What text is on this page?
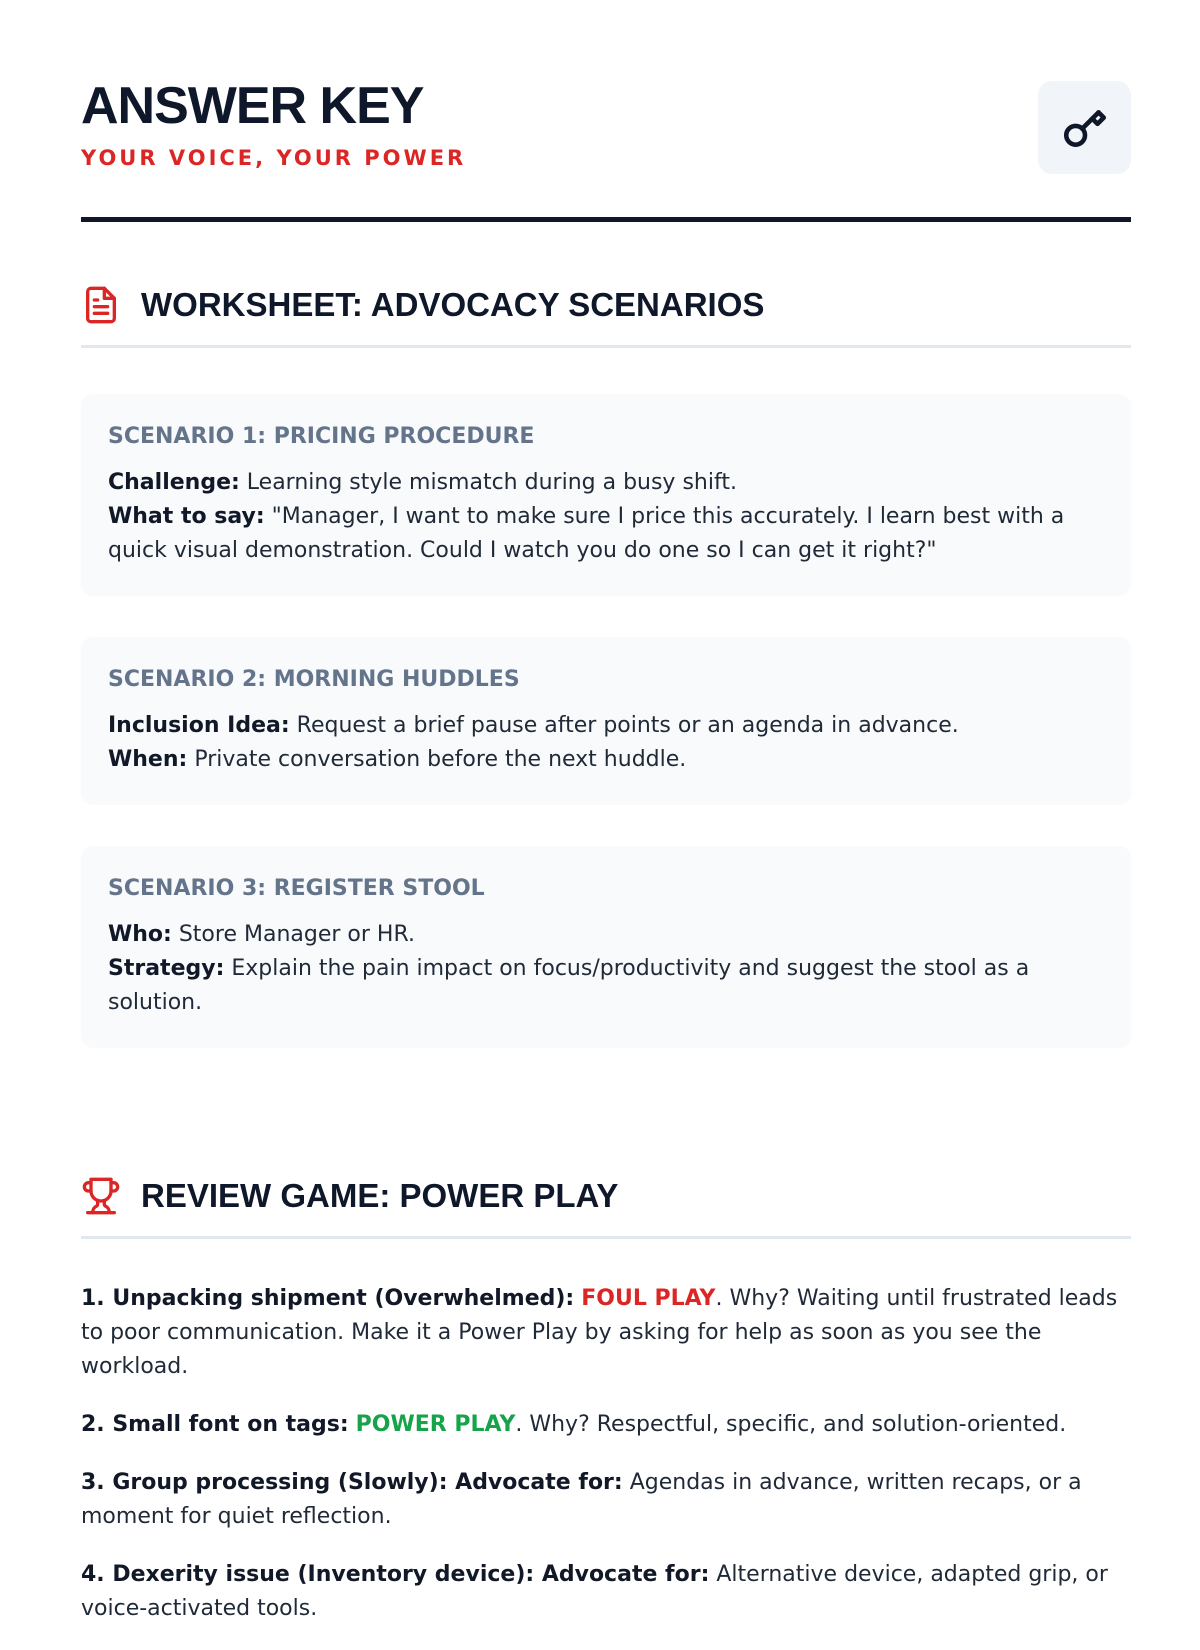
ANSWER KEY
YOUR VOICE, YOUR POWER
WORKSHEET: ADVOCACY SCENARIOS
SCENARIO 1: PRICING PROCEDURE

Challenge: Learning style mismatch during a busy shift.

What to say: "Manager, I want to make sure I price this accurately. I learn best with a quick visual demonstration. Could I watch you do one so I can get it right?"

SCENARIO 2: MORNING HUDDLES

Inclusion Idea: Request a brief pause after points or an agenda in advance.

When: Private conversation before the next huddle.

SCENARIO 3: REGISTER STOOL

Who: Store Manager or HR.

Strategy: Explain the pain impact on focus/productivity and suggest the stool as a solution.

REVIEW GAME: POWER PLAY

1. Unpacking shipment (Overwhelmed): FOUL PLAY. Why? Waiting until frustrated leads to poor communication. Make it a Power Play by asking for help as soon as you see the workload.

2. Small font on tags: POWER PLAY. Why? Respectful, specific, and solution-oriented.

3. Group processing (Slowly): Advocate for: Agendas in advance, written recaps, or a moment for quiet reflection.

4. Dexerity issue (Inventory device): Advocate for: Alternative device, adapted grip, or voice-activated tools.
